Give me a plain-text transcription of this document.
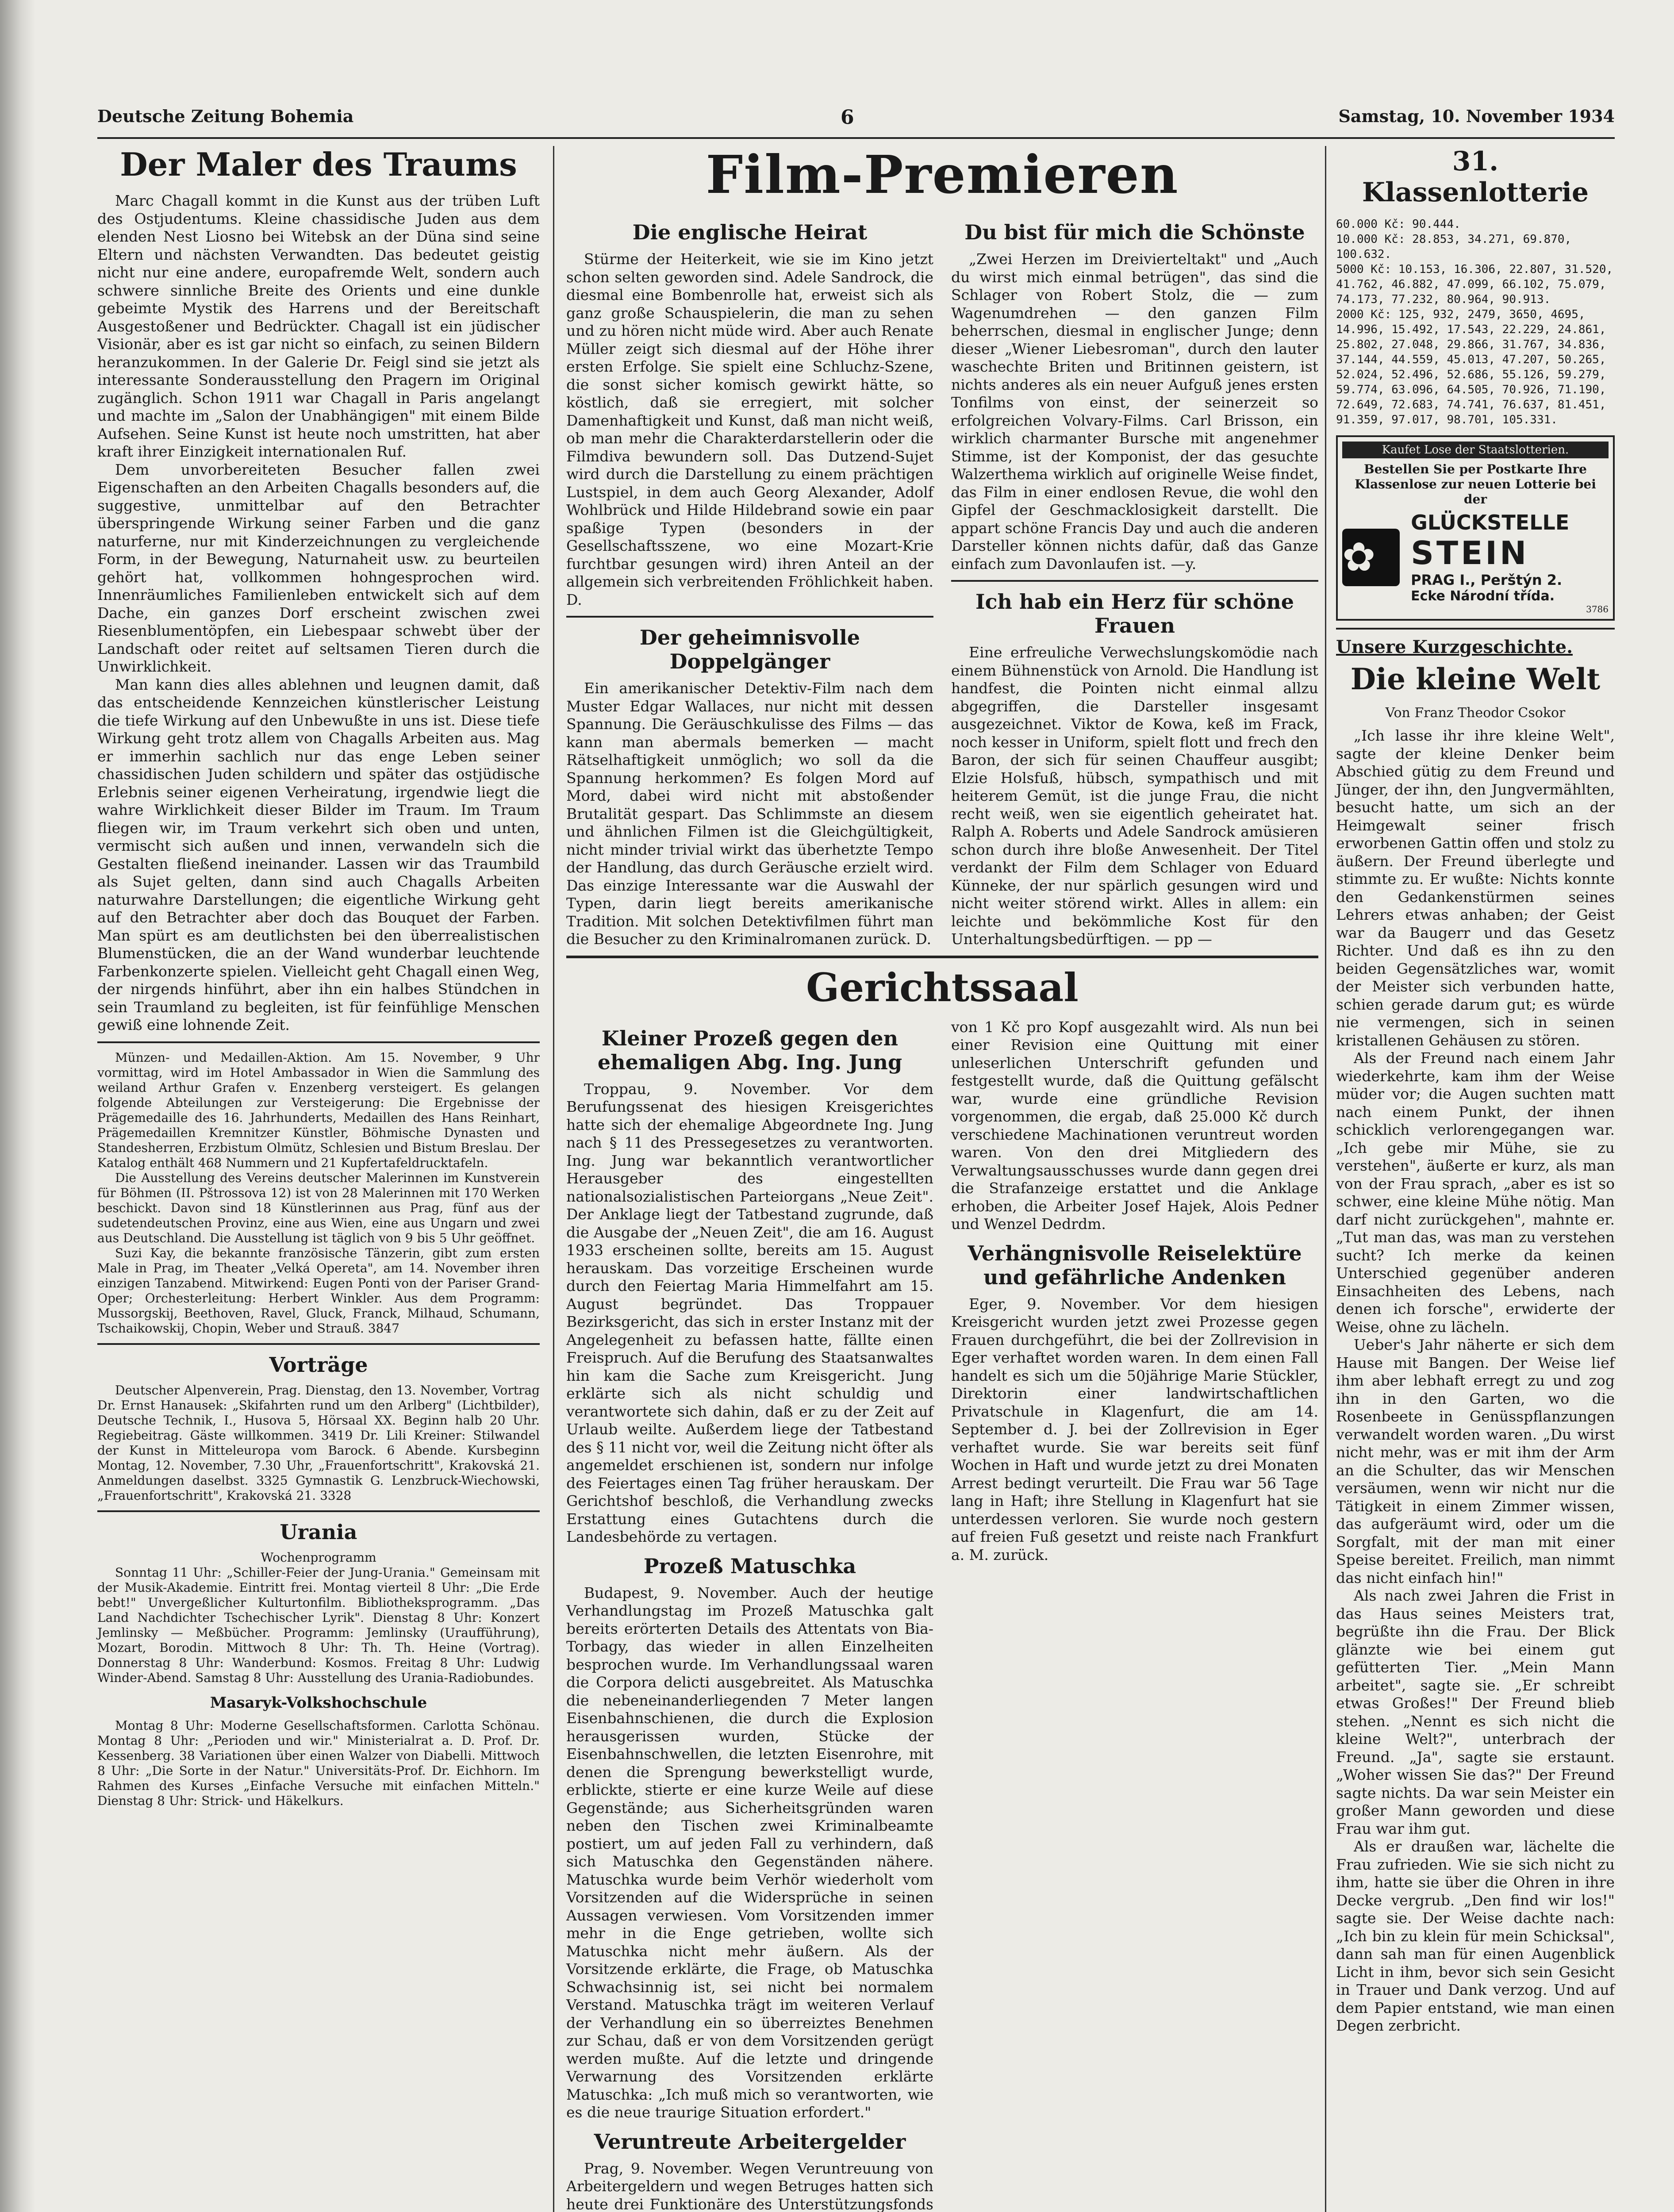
Deutsche Zeitung Bohemia	6	Samstag, 10. November 1934
Der Maler des Traums

Marc Chagall kommt in die Kunst aus der trüben Luft des Ostjudentums. Kleine chassidische Juden aus dem elenden Nest Liosno bei Witebsk an der Düna sind seine Eltern und nächsten Verwandten. Das bedeutet geistig nicht nur eine andere, europafremde Welt, sondern auch schwere sinnliche Breite des Orients und eine dunkle gebeimte Mystik des Harrens und der Bereitschaft Ausgestoßener und Bedrückter. Chagall ist ein jüdischer Visionär, aber es ist gar nicht so einfach, zu seinen Bildern heranzukommen. In der Galerie Dr. Feigl sind sie jetzt als interessante Sonderausstellung den Pragern im Original zugänglich. Schon 1911 war Chagall in Paris angelangt und machte im „Salon der Unabhängigen" mit einem Bilde Aufsehen. Seine Kunst ist heute noch umstritten, hat aber kraft ihrer Einzigkeit internationalen Ruf.

Dem unvorbereiteten Besucher fallen zwei Eigenschaften an den Arbeiten Chagalls besonders auf, die suggestive, unmittelbar auf den Betrachter überspringende Wirkung seiner Farben und die ganz naturferne, nur mit Kinderzeichnungen zu vergleichende Form, in der Bewegung, Naturnaheit usw. zu beurteilen gehört hat, vollkommen hohngesprochen wird. Innenräumliches Familienleben entwickelt sich auf dem Dache, ein ganzes Dorf erscheint zwischen zwei Riesenblumentöpfen, ein Liebespaar schwebt über der Landschaft oder reitet auf seltsamen Tieren durch die Unwirklichkeit.

Man kann dies alles ablehnen und leugnen damit, daß das entscheidende Kennzeichen künstlerischer Leistung die tiefe Wirkung auf den Unbewußte in uns ist. Diese tiefe Wirkung geht trotz allem von Chagalls Arbeiten aus. Mag er immerhin sachlich nur das enge Leben seiner chassidischen Juden schildern und später das ostjüdische Erlebnis seiner eigenen Verheiratung, irgendwie liegt die wahre Wirklichkeit dieser Bilder im Traum. Im Traum fliegen wir, im Traum verkehrt sich oben und unten, vermischt sich außen und innen, verwandeln sich die Gestalten fließend ineinander. Lassen wir das Traumbild als Sujet gelten, dann sind auch Chagalls Arbeiten naturwahre Darstellungen; die eigentliche Wirkung geht auf den Betrachter aber doch das Bouquet der Farben. Man spürt es am deutlichsten bei den überrealistischen Blumenstücken, die an der Wand wunderbar leuchtende Farbenkonzerte spielen. Vielleicht geht Chagall einen Weg, der nirgends hinführt, aber ihn ein halbes Stündchen in sein Traumland zu begleiten, ist für feinfühlige Menschen gewiß eine lohnende Zeit.

Münzen- und Medaillen-Aktion. Am 15. November, 9 Uhr vormittag, wird im Hotel Ambassador in Wien die Sammlung des weiland Arthur Grafen v. Enzenberg versteigert. Es gelangen folgende Abteilungen zur Versteigerung: Die Ergebnisse der Prägemedaille des 16. Jahrhunderts, Medaillen des Hans Reinhart, Prägemedaillen Kremnitzer Künstler, Böhmische Dynasten und Standesherren, Erzbistum Olmütz, Schlesien und Bistum Breslau. Der Katalog enthält 468 Nummern und 21 Kupfertafeldrucktafeln.

Die Ausstellung des Vereins deutscher Malerinnen im Kunstverein für Böhmen (II. Pštrossova 12) ist von 28 Malerinnen mit 170 Werken beschickt. Davon sind 18 Künstlerinnen aus Prag, fünf aus der sudetendeutschen Provinz, eine aus Wien, eine aus Ungarn und zwei aus Deutschland. Die Ausstellung ist täglich von 9 bis 5 Uhr geöffnet.

Suzi Kay, die bekannte französische Tänzerin, gibt zum ersten Male in Prag, im Theater „Velká Opereta", am 14. November ihren einzigen Tanzabend. Mitwirkend: Eugen Ponti von der Pariser Grand-Oper; Orchesterleitung: Herbert Winkler. Aus dem Programm: Mussorgskij, Beethoven, Ravel, Gluck, Franck, Milhaud, Schumann, Tschaikowskij, Chopin, Weber und Strauß. 3847

Vorträge

Deutscher Alpenverein, Prag. Dienstag, den 13. November, Vortrag Dr. Ernst Hanausek: „Skifahrten rund um den Arlberg" (Lichtbilder), Deutsche Technik, I., Husova 5, Hörsaal XX. Beginn halb 20 Uhr. Regiebeitrag. Gäste willkommen. 3419 Dr. Lili Kreiner: Stilwandel der Kunst in Mitteleuropa vom Barock. 6 Abende. Kursbeginn Montag, 12. November, 7.30 Uhr, „Frauenfortschritt", Krakovská 21. Anmeldungen daselbst. 3325 Gymnastik G. Lenzbruck-Wiechowski, „Frauenfortschritt", Krakovská 21. 3328

Urania
Wochenprogramm

Sonntag 11 Uhr: „Schiller-Feier der Jung-Urania." Gemeinsam mit der Musik-Akademie. Eintritt frei. Montag vierteil 8 Uhr: „Die Erde bebt!" Unvergeßlicher Kulturtonfilm. Bibliotheksprogramm. „Das Land Nachdichter Tschechischer Lyrik". Dienstag 8 Uhr: Konzert Jemlinsky — Meßbücher. Programm: Jemlinsky (Uraufführung), Mozart, Borodin. Mittwoch 8 Uhr: Th. Th. Heine (Vortrag). Donnerstag 8 Uhr: Wanderbund: Kosmos. Freitag 8 Uhr: Ludwig Winder-Abend. Samstag 8 Uhr: Ausstellung des Urania-Radiobundes.

Masaryk-Volkshochschule

Montag 8 Uhr: Moderne Gesellschaftsformen. Carlotta Schönau. Montag 8 Uhr: „Perioden und wir." Ministerialrat a. D. Prof. Dr. Kessenberg. 38 Variationen über einen Walzer von Diabelli. Mittwoch 8 Uhr: „Die Sorte in der Natur." Universitäts-Prof. Dr. Eichhorn. Im Rahmen des Kurses „Einfache Versuche mit einfachen Mitteln." Dienstag 8 Uhr: Strick- und Häkelkurs.

Film-Premieren
Die englische Heirat

Stürme der Heiterkeit, wie sie im Kino jetzt schon selten geworden sind. Adele Sandrock, die diesmal eine Bombenrolle hat, erweist sich als ganz große Schauspielerin, die man zu sehen und zu hören nicht müde wird. Aber auch Renate Müller zeigt sich diesmal auf der Höhe ihrer ersten Erfolge. Sie spielt eine Schluchz-Szene, die sonst sicher komisch gewirkt hätte, so köstlich, daß sie erregiert, mit solcher Damenhaftigkeit und Kunst, daß man nicht weiß, ob man mehr die Charakterdarstellerin oder die Filmdiva bewundern soll. Das Dutzend-Sujet wird durch die Darstellung zu einem prächtigen Lustspiel, in dem auch Georg Alexander, Adolf Wohlbrück und Hilde Hildebrand sowie ein paar spaßige Typen (besonders in der Gesellschaftsszene, wo eine Mozart-Krie furchtbar gesungen wird) ihren Anteil an der allgemein sich verbreitenden Fröhlichkeit haben. D.

Der geheimnisvolle Doppelgänger

Ein amerikanischer Detektiv-Film nach dem Muster Edgar Wallaces, nur nicht mit dessen Spannung. Die Geräuschkulisse des Films — das kann man abermals bemerken — macht Rätselhaftigkeit unmöglich; wo soll da die Spannung herkommen? Es folgen Mord auf Mord, dabei wird nicht mit abstoßender Brutalität gespart. Das Schlimmste an diesem und ähnlichen Filmen ist die Gleichgültigkeit, nicht minder trivial wirkt das überhetzte Tempo der Handlung, das durch Geräusche erzielt wird. Das einzige Interessante war die Auswahl der Typen, darin liegt bereits amerikanische Tradition. Mit solchen Detektivfilmen führt man die Besucher zu den Kriminalromanen zurück. D.

Du bist für mich die Schönste

„Zwei Herzen im Dreivierteltakt" und „Auch du wirst mich einmal betrügen", das sind die Schlager von Robert Stolz, die — zum Wagenumdrehen — den ganzen Film beherrschen, diesmal in englischer Junge; denn dieser „Wiener Liebesroman", durch den lauter waschechte Briten und Britinnen geistern, ist nichts anderes als ein neuer Aufguß jenes ersten Tonfilms von einst, der seinerzeit so erfolgreichen Volvary-Films. Carl Brisson, ein wirklich charmanter Bursche mit angenehmer Stimme, ist der Komponist, der das gesuchte Walzerthema wirklich auf originelle Weise findet, das Film in einer endlosen Revue, die wohl den Gipfel der Geschmacklosigkeit darstellt. Die appart schöne Francis Day und auch die anderen Darsteller können nichts dafür, daß das Ganze einfach zum Davonlaufen ist. —y.

Ich hab ein Herz für schöne Frauen

Eine erfreuliche Verwechslungskomödie nach einem Bühnenstück von Arnold. Die Handlung ist handfest, die Pointen nicht einmal allzu abgegriffen, die Darsteller insgesamt ausgezeichnet. Viktor de Kowa, keß im Frack, noch kesser in Uniform, spielt flott und frech den Baron, der sich für seinen Chauffeur ausgibt; Elzie Holsfuß, hübsch, sympathisch und mit heiterem Gemüt, ist die junge Frau, die nicht recht weiß, wen sie eigentlich geheiratet hat. Ralph A. Roberts und Adele Sandrock amüsieren schon durch ihre bloße Anwesenheit. Der Titel verdankt der Film dem Schlager von Eduard Künneke, der nur spärlich gesungen wird und nicht weiter störend wirkt. Alles in allem: ein leichte und bekömmliche Kost für den Unterhaltungsbedürftigen. — pp —

Gerichtssaal
Kleiner Prozeß gegen den ehemaligen Abg. Ing. Jung

Troppau, 9. November. Vor dem Berufungssenat des hiesigen Kreisgerichtes hatte sich der ehemalige Abgeordnete Ing. Jung nach § 11 des Pressegesetzes zu verantworten. Ing. Jung war bekanntlich verantwortlicher Herausgeber des eingestellten nationalsozialistischen Parteiorgans „Neue Zeit". Der Anklage liegt der Tatbestand zugrunde, daß die Ausgabe der „Neuen Zeit", die am 16. August 1933 erscheinen sollte, bereits am 15. August herauskam. Das vorzeitige Erscheinen wurde durch den Feiertag Maria Himmelfahrt am 15. August begründet. Das Troppauer Bezirksgericht, das sich in erster Instanz mit der Angelegenheit zu befassen hatte, fällte einen Freispruch. Auf die Berufung des Staatsanwaltes hin kam die Sache zum Kreisgericht. Jung erklärte sich als nicht schuldig und verantwortete sich dahin, daß er zu der Zeit auf Urlaub weilte. Außerdem liege der Tatbestand des § 11 nicht vor, weil die Zeitung nicht öfter als angemeldet erschienen ist, sondern nur infolge des Feiertages einen Tag früher herauskam. Der Gerichtshof beschloß, die Verhandlung zwecks Erstattung eines Gutachtens durch die Landesbehörde zu vertagen.

Prozeß Matuschka

Budapest, 9. November. Auch der heutige Verhandlungstag im Prozeß Matuschka galt bereits erörterten Details des Attentats von Bia-Torbagy, das wieder in allen Einzelheiten besprochen wurde. Im Verhandlungssaal waren die Corpora delicti ausgebreitet. Als Matuschka die nebeneinanderliegenden 7 Meter langen Eisenbahnschienen, die durch die Explosion herausgerissen wurden, Stücke der Eisenbahnschwellen, die letzten Eisenrohre, mit denen die Sprengung bewerkstelligt wurde, erblickte, stierte er eine kurze Weile auf diese Gegenstände; aus Sicherheitsgründen waren neben den Tischen zwei Kriminalbeamte postiert, um auf jeden Fall zu verhindern, daß sich Matuschka den Gegenständen nähere. Matuschka wurde beim Verhör wiederholt vom Vorsitzenden auf die Widersprüche in seinen Aussagen verwiesen. Vom Vorsitzenden immer mehr in die Enge getrieben, wollte sich Matuschka nicht mehr äußern. Als der Vorsitzende erklärte, die Frage, ob Matuschka Schwachsinnig ist, sei nicht bei normalem Verstand. Matuschka trägt im weiteren Verlauf der Verhandlung ein so überreiztes Benehmen zur Schau, daß er von dem Vorsitzenden gerügt werden mußte. Auf die letzte und dringende Verwarnung des Vorsitzenden erklärte Matuschka: „Ich muß mich so verantworten, wie es die neue traurige Situation erfordert."

Veruntreute Arbeitergelder

Prag, 9. November. Wegen Veruntreuung von Arbeitergeldern und wegen Betruges hatten sich heute drei Funktionäre des Unterstützungsfonds

von 1 Kč pro Kopf ausgezahlt wird. Als nun bei einer Revision eine Quittung mit einer unleserlichen Unterschrift gefunden und festgestellt wurde, daß die Quittung gefälscht war, wurde eine gründliche Revision vorgenommen, die ergab, daß 25.000 Kč durch verschiedene Machinationen veruntreut worden waren. Von den drei Mitgliedern des Verwaltungsausschusses wurde dann gegen drei die Strafanzeige erstattet und die Anklage erhoben, die Arbeiter Josef Hajek, Alois Pedner und Wenzel Dedrdm.

Verhängnisvolle Reiselektüre und gefährliche Andenken

Eger, 9. November. Vor dem hiesigen Kreisgericht wurden jetzt zwei Prozesse gegen Frauen durchgeführt, die bei der Zollrevision in Eger verhaftet worden waren. In dem einen Fall handelt es sich um die 50jährige Marie Stückler, Direktorin einer landwirtschaftlichen Privatschule in Klagenfurt, die am 14. September d. J. bei der Zollrevision in Eger verhaftet wurde. Sie war bereits seit fünf Wochen in Haft und wurde jetzt zu drei Monaten Arrest bedingt verurteilt. Die Frau war 56 Tage lang in Haft; ihre Stellung in Klagenfurt hat sie unterdessen verloren. Sie wurde noch gestern auf freien Fuß gesetzt und reiste nach Frankfurt a. M. zurück.

31. Klassenlotterie
60.000 Kč: 90.444.
10.000 Kč: 28.853, 34.271, 69.870, 100.632.
5000 Kč: 10.153, 16.306, 22.807, 31.520, 41.762, 46.882, 47.099, 66.102, 75.079, 74.173, 77.232, 80.964, 90.913.
2000 Kč: 125, 932, 2479, 3650, 4695, 14.996, 15.492, 17.543, 22.229, 24.861, 25.802, 27.048, 29.866, 31.767, 34.836, 37.144, 44.559, 45.013, 47.207, 50.265, 52.024, 52.496, 52.686, 55.126, 59.279, 59.774, 63.096, 64.505, 70.926, 71.190, 72.649, 72.683, 74.741, 76.637, 81.451, 91.359, 97.017, 98.701, 105.331.
Kaufet Lose der Staatslotterien.
Bestellen Sie per Postkarte Ihre Klassenlose zur neuen Lotterie bei der
✿
GLÜCKSTELLE
STEIN
PRAG I., Perštýn 2.
Ecke Národní třída.
3786
Unsere Kurzgeschichte.
Die kleine Welt
Von Franz Theodor Csokor

„Ich lasse ihr ihre kleine Welt", sagte der kleine Denker beim Abschied gütig zu dem Freund und Jünger, der ihn, den Jungvermählten, besucht hatte, um sich an der Heimgewalt seiner frisch erworbenen Gattin offen und stolz zu äußern. Der Freund überlegte und stimmte zu. Er wußte: Nichts konnte den Gedankenstürmen seines Lehrers etwas anhaben; der Geist war da Baugerr und das Gesetz Richter. Und daß es ihn zu den beiden Gegensätzliches war, womit der Meister sich verbunden hatte, schien gerade darum gut; es würde nie vermengen, sich in seinen kristallenen Gehäusen zu stören.

Als der Freund nach einem Jahr wiederkehrte, kam ihm der Weise müder vor; die Augen suchten matt nach einem Punkt, der ihnen schicklich verlorengegangen war. „Ich gebe mir Mühe, sie zu verstehen", äußerte er kurz, als man von der Frau sprach, „aber es ist so schwer, eine kleine Mühe nötig. Man darf nicht zurückgehen", mahnte er. „Tut man das, was man zu verstehen sucht? Ich merke da keinen Unterschied gegenüber anderen Einsachheiten des Lebens, nach denen ich forsche", erwiderte der Weise, ohne zu lächeln.

Ueber's Jahr näherte er sich dem Hause mit Bangen. Der Weise lief ihm aber lebhaft erregt zu und zog ihn in den Garten, wo die Rosenbeete in Genüsspflanzungen verwandelt worden waren. „Du wirst nicht mehr, was er mit ihm der Arm an die Schulter, das wir Menschen versäumen, wenn wir nicht nur die Tätigkeit in einem Zimmer wissen, das aufgeräumt wird, oder um die Sorgfalt, mit der man mit einer Speise bereitet. Freilich, man nimmt das nicht einfach hin!"

Als nach zwei Jahren die Frist in das Haus seines Meisters trat, begrüßte ihn die Frau. Der Blick glänzte wie bei einem gut gefütterten Tier. „Mein Mann arbeitet", sagte sie. „Er schreibt etwas Großes!" Der Freund blieb stehen. „Nennt es sich nicht die kleine Welt?", unterbrach der Freund. „Ja", sagte sie erstaunt. „Woher wissen Sie das?" Der Freund sagte nichts. Da war sein Meister ein großer Mann geworden und diese Frau war ihm gut.

Als er draußen war, lächelte die Frau zufrieden. Wie sie sich nicht zu ihm, hatte sie über die Ohren in ihre Decke vergrub. „Den find wir los!" sagte sie. Der Weise dachte nach: „Ich bin zu klein für mein Schicksal", dann sah man für einen Augenblick Licht in ihm, bevor sich sein Gesicht in Trauer und Dank verzog. Und auf dem Papier entstand, wie man einen Degen zerbricht.
